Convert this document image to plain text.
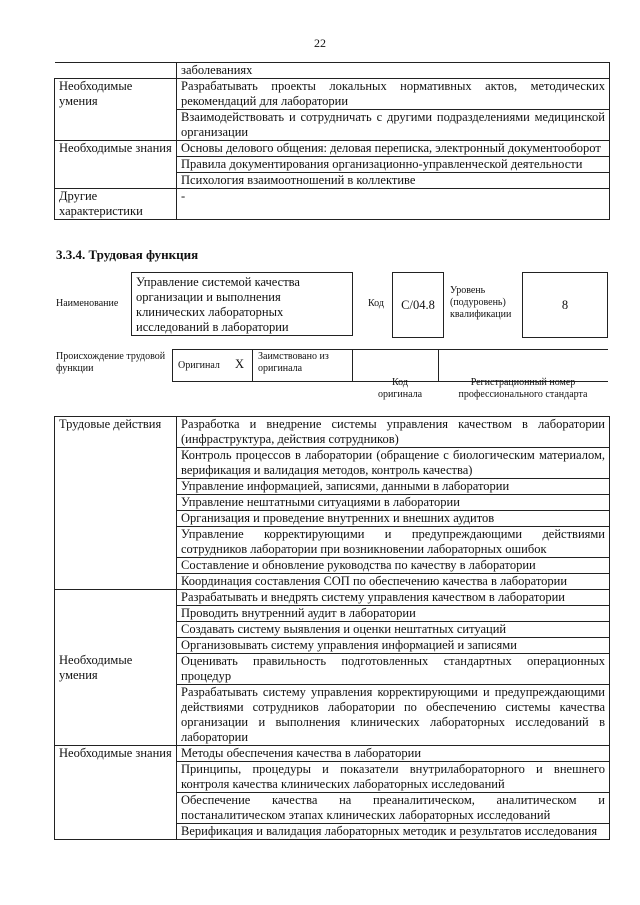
22
	заболеваниях
Необходимые умения	Разрабатывать проекты локальных нормативных актов, методических рекомендаций для лаборатории
	Взаимодействовать и сотрудничать с другими подразделениями медицинской организации
Необходимые знания	Основы делового общения: деловая переписка, электронный документооборот
	Правила документирования организационно-управленческой деятельности
	Психология взаимоотношений в коллективе
Другие характеристики	-
3.3.4. Трудовая функция
Наименование
Управление системой качества организации и выполнения клинических лабораторных исследований в лаборатории
Код С/04.8
Уровень (подуровень) квалификации
8
Происхождение трудовой функции	Оригинал X
Заимствовано из оригинала
Код оригинала
Регистрационный номер профессионального стандарта
Трудовые действия	Разработка и внедрение системы управления качеством в лаборатории (инфраструктура, действия сотрудников)
	Контроль процессов в лаборатории (обращение с биологическим материалом, верификация и валидация методов, контроль качества)
	Управление информацией, записями, данными в лаборатории
	Управление нештатными ситуациями в лаборатории
	Организация и проведение внутренних и внешних аудитов
	Управление корректирующими и предупреждающими действиями сотрудников лаборатории при возникновении лабораторных ошибок
	Составление и обновление руководства по качеству в лаборатории
	Координация составления СОП по обеспечению качества в лаборатории
Необходимые умения	Разрабатывать и внедрять систему управления качеством в лаборатории
	Проводить внутренний аудит в лаборатории
	Создавать систему выявления и оценки нештатных ситуаций
	Организовывать систему управления информацией и записями
	Оценивать правильность подготовленных стандартных операционных процедур
	Разрабатывать систему управления корректирующими и предупреждающими действиями сотрудников лаборатории по обеспечению системы качества организации и выполнения клинических лабораторных исследований в лаборатории
Необходимые знания	Методы обеспечения качества в лаборатории
	Принципы, процедуры и показатели внутрилабораторного и внешнего контроля качества клинических лабораторных исследований
	Обеспечение качества на преаналитическом, аналитическом и постаналитическом этапах клинических лабораторных исследований
	Верификация и валидация лабораторных методик и результатов исследования
